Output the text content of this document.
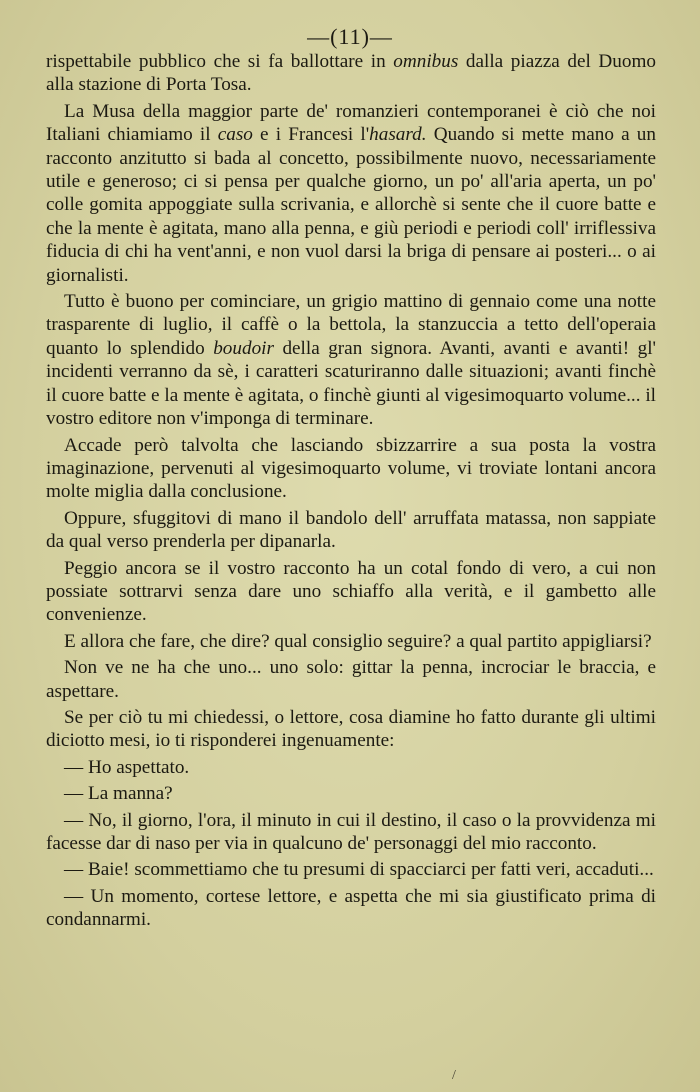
—(11)—

rispettabile pubblico che si fa ballottare in omnibus dalla piazza del Duomo alla stazione di Porta Tosa.

La Musa della maggior parte de' romanzieri contemporanei è ciò che noi Italiani chiamiamo il caso e i Francesi l'hasard. Quando si mette mano a un racconto anzitutto si bada al concetto, possibilmente nuovo, necessariamente utile e generoso; ci si pensa per qualche giorno, un po' all'aria aperta, un po' colle gomita appoggiate sulla scrivania, e allorchè si sente che il cuore batte e che la mente è agitata, mano alla penna, e giù periodi e periodi coll' irriflessiva fiducia di chi ha vent'anni, e non vuol darsi la briga di pensare ai posteri... o ai giornalisti.

Tutto è buono per cominciare, un grigio mattino di gennaio come una notte trasparente di luglio, il caffè o la bettola, la stanzuccia a tetto dell'operaia quanto lo splendido boudoir della gran signora. Avanti, avanti e avanti! gl' incidenti verranno da sè, i caratteri scaturiranno dalle situazioni; avanti finchè il cuore batte e la mente è agitata, o finchè giunti al vigesimoquarto volume... il vostro editore non v'imponga di terminare.

Accade però talvolta che lasciando sbizzarrire a sua posta la vostra imaginazione, pervenuti al vigesimoquarto volume, vi troviate lontani ancora molte miglia dalla conclusione.

Oppure, sfuggitovi di mano il bandolo dell' arruffata matassa, non sappiate da qual verso prenderla per dipanarla.

Peggio ancora se il vostro racconto ha un cotal fondo di vero, a cui non possiate sottrarvi senza dare uno schiaffo alla verità, e il gambetto alle convenienze.

E allora che fare, che dire? qual consiglio seguire? a qual partito appigliarsi?

Non ve ne ha che uno... uno solo: gittar la penna, incrociar le braccia, e aspettare.

Se per ciò tu mi chiedessi, o lettore, cosa diamine ho fatto durante gli ultimi diciotto mesi, io ti risponderei ingenuamente:

— Ho aspettato.

— La manna?

— No, il giorno, l'ora, il minuto in cui il destino, il caso o la provvidenza mi facesse dar di naso per via in qualcuno de' personaggi del mio racconto.

— Baie! scommettiamo che tu presumi di spacciarci per fatti veri, accaduti...

— Un momento, cortese lettore, e aspetta che mi sia giustificato prima di condannarmi.

/
